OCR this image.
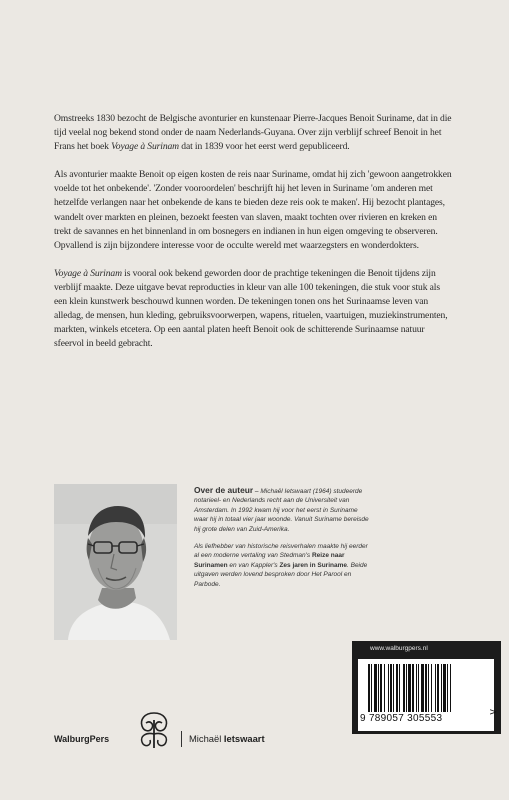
Omstreeks 1830 bezocht de Belgische avonturier en kunstenaar Pierre-Jacques Benoit Suriname, dat in die tijd veelal nog bekend stond onder de naam Nederlands-Guyana. Over zijn verblijf schreef Benoit in het Frans het boek Voyage à Surinam dat in 1839 voor het eerst werd gepubliceerd.

Als avonturier maakte Benoit op eigen kosten de reis naar Suriname, omdat hij zich 'gewoon aangetrokken voelde tot het onbekende'. 'Zonder vooroordelen' beschrijft hij het leven in Suriname 'om anderen met hetzelfde verlangen naar het onbekende de kans te bieden deze reis ook te maken'. Hij bezocht plantages, wandelt over markten en pleinen, bezoekt feesten van slaven, maakt tochten over rivieren en kreken en trekt de savannes en het binnenland in om bosnegers en indianen in hun eigen omgeving te observeren. Opvallend is zijn bijzondere interesse voor de occulte wereld met waarzegsters en wonderdokters.

Voyage à Surinam is vooral ook bekend geworden door de prachtige tekeningen die Benoit tijdens zijn verblijf maakte. Deze uitgave bevat reproducties in kleur van alle 100 tekeningen, die stuk voor stuk als een klein kunstwerk beschouwd kunnen worden. De tekeningen tonen ons het Surinaamse leven van alledag, de mensen, hun kleding, gebruiksvoorwerpen, wapens, rituelen, vaartuigen, muziekinstrumenten, markten, winkels etcetera. Op een aantal platen heeft Benoit ook de schitterende Surinaamse natuur sfeervol in beeld gebracht.

Over de auteur – Michaël Ietswaart (1964) studeerde notarieel- en Nederlands recht aan de Universiteit van Amsterdam. In 1992 kwam hij voor het eerst in Suriname waar hij in totaal vier jaar woonde. Vanuit Suriname bereisde hij grote delen van Zuid-Amerika.

Als liefhebber van historische reisverhalen maakte hij eerder al een moderne vertaling van Stedman's Reize naar Surinamen en van Kappler's Zes jaren in Suriname. Beide uitgaven werden lovend besproken door Het Parool en Parbode.

www.walburgpers.nl
9 789057 305553
>
WalburgPers	Michaël Ietswaart
